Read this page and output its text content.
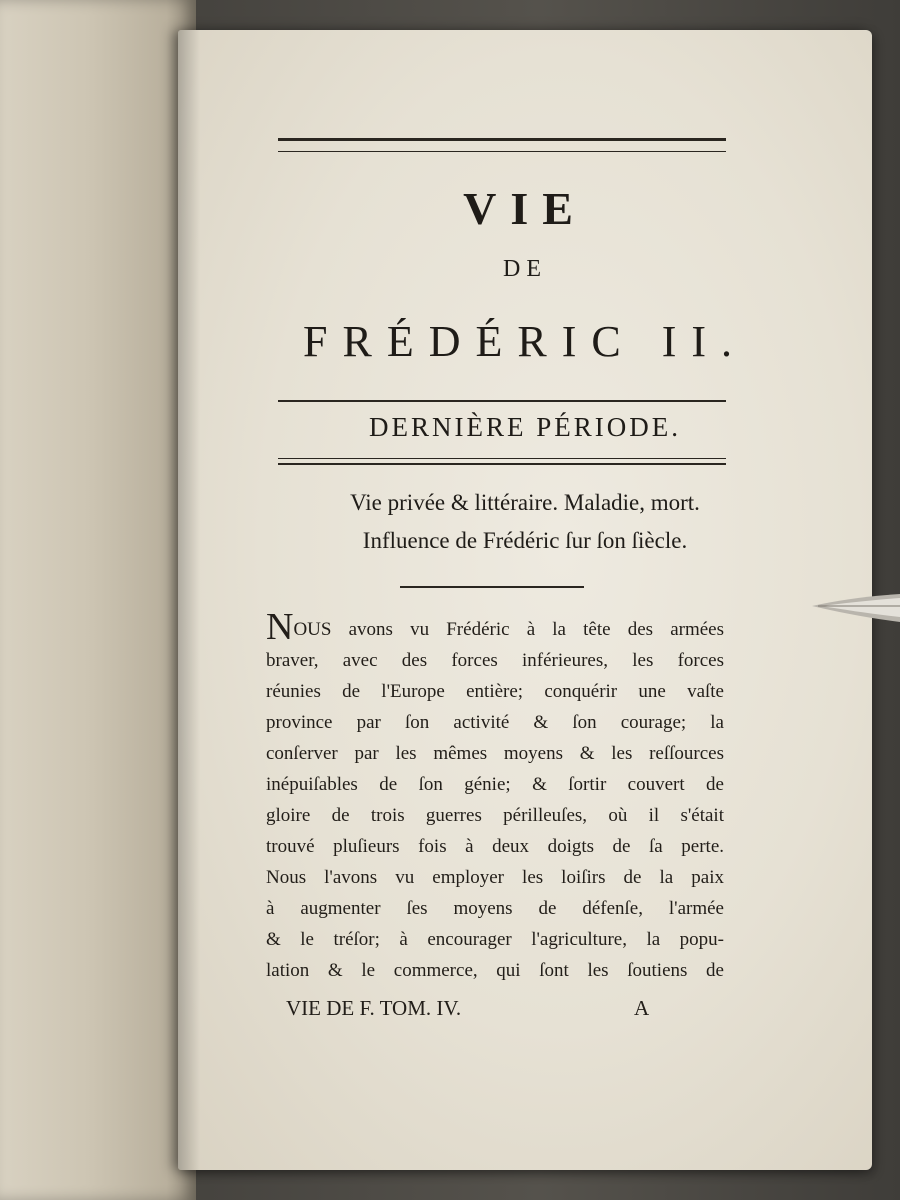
VIE
DE
FRÉDÉRIC II.
DERNIÈRE PÉRIODE.
Vie privée & littéraire. Maladie, mort.
Influence de Frédéric ſur ſon ſiècle.
NOUS avons vu Frédéric à la tête des armées
braver, avec des forces inférieures, les forces
réunies de l'Europe entière; conquérir une vaſte
province par ſon activité & ſon courage; la
conſerver par les mêmes moyens & les reſſources
inépuiſables de ſon génie; & ſortir couvert de
gloire de trois guerres périlleuſes, où il s'était
trouvé pluſieurs fois à deux doigts de ſa perte.
Nous l'avons vu employer les loiſirs de la paix
à augmenter ſes moyens de défenſe, l'armée
& le tréſor; à encourager l'agriculture, la popu-
lation & le commerce, qui ſont les ſoutiens de
VIE DE F. TOM. IV.	A
